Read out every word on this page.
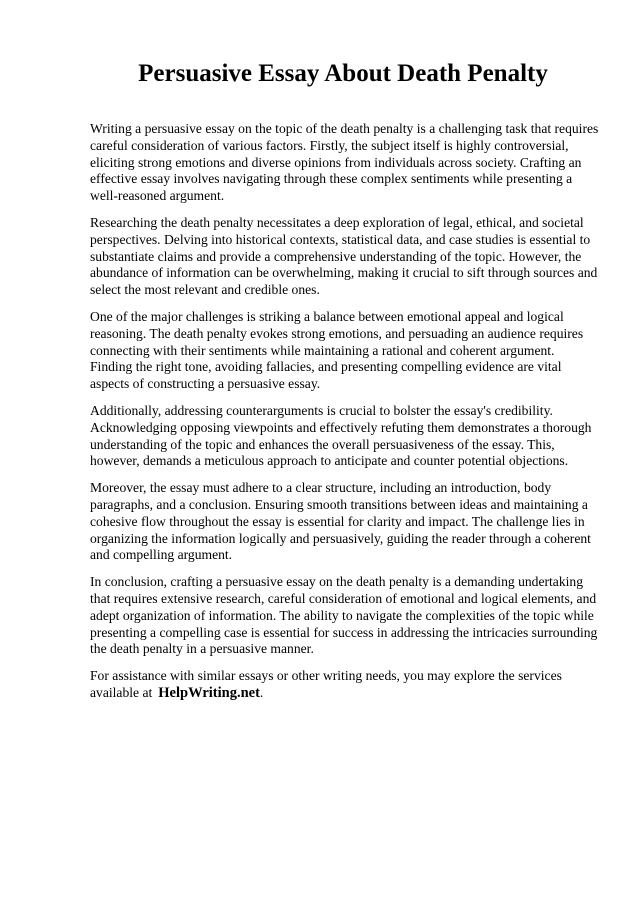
Persuasive Essay About Death Penalty

Writing a persuasive essay on the topic of the death penalty is a challenging task that requires careful consideration of various factors. Firstly, the subject itself is highly controversial, eliciting strong emotions and diverse opinions from individuals across society. Crafting an effective essay involves navigating through these complex sentiments while presenting a well-reasoned argument.

Researching the death penalty necessitates a deep exploration of legal, ethical, and societal perspectives. Delving into historical contexts, statistical data, and case studies is essential to substantiate claims and provide a comprehensive understanding of the topic. However, the abundance of information can be overwhelming, making it crucial to sift through sources and select the most relevant and credible ones.

One of the major challenges is striking a balance between emotional appeal and logical reasoning. The death penalty evokes strong emotions, and persuading an audience requires connecting with their sentiments while maintaining a rational and coherent argument. Finding the right tone, avoiding fallacies, and presenting compelling evidence are vital aspects of constructing a persuasive essay.

Additionally, addressing counterarguments is crucial to bolster the essay's credibility. Acknowledging opposing viewpoints and effectively refuting them demonstrates a thorough understanding of the topic and enhances the overall persuasiveness of the essay. This, however, demands a meticulous approach to anticipate and counter potential objections.

Moreover, the essay must adhere to a clear structure, including an introduction, body paragraphs, and a conclusion. Ensuring smooth transitions between ideas and maintaining a cohesive flow throughout the essay is essential for clarity and impact. The challenge lies in organizing the information logically and persuasively, guiding the reader through a coherent and compelling argument.

In conclusion, crafting a persuasive essay on the death penalty is a demanding undertaking that requires extensive research, careful consideration of emotional and logical elements, and adept organization of information. The ability to navigate the complexities of the topic while presenting a compelling case is essential for success in addressing the intricacies surrounding the death penalty in a persuasive manner.

For assistance with similar essays or other writing needs, you may explore the services available at HelpWriting.net.
